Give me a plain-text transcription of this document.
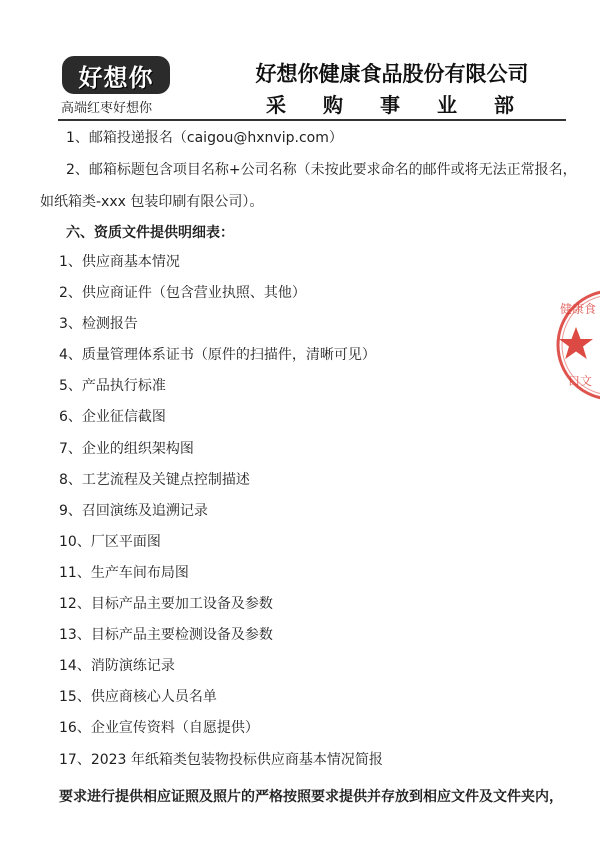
好想你
高端红枣好想你
好想你健康食品股份有限公司
采 购 事 业 部
1、邮箱投递报名（caigou@hxnvip.com）
2、邮箱标题包含项目名称+公司名称（未按此要求命名的邮件或将无法正常报名，
如纸箱类-xxx 包装印刷有限公司）。
六、资质文件提供明细表：
1、供应商基本情况
2、供应商证件（包含营业执照、其他）
3、检测报告
4、质量管理体系证书（原件的扫描件，清晰可见）
5、产品执行标准
6、企业征信截图
7、企业的组织架构图
8、工艺流程及关键点控制描述
9、召回演练及追溯记录
10、厂区平面图
11、生产车间布局图
12、目标产品主要加工设备及参数
13、目标产品主要检测设备及参数
14、消防演练记录
15、供应商核心人员名单
16、企业宣传资料（自愿提供）
17、2023 年纸箱类包装物投标供应商基本情况简报
要求进行提供相应证照及照片的严格按照要求提供并存放到相应文件及文件夹内，
健康食
口文
